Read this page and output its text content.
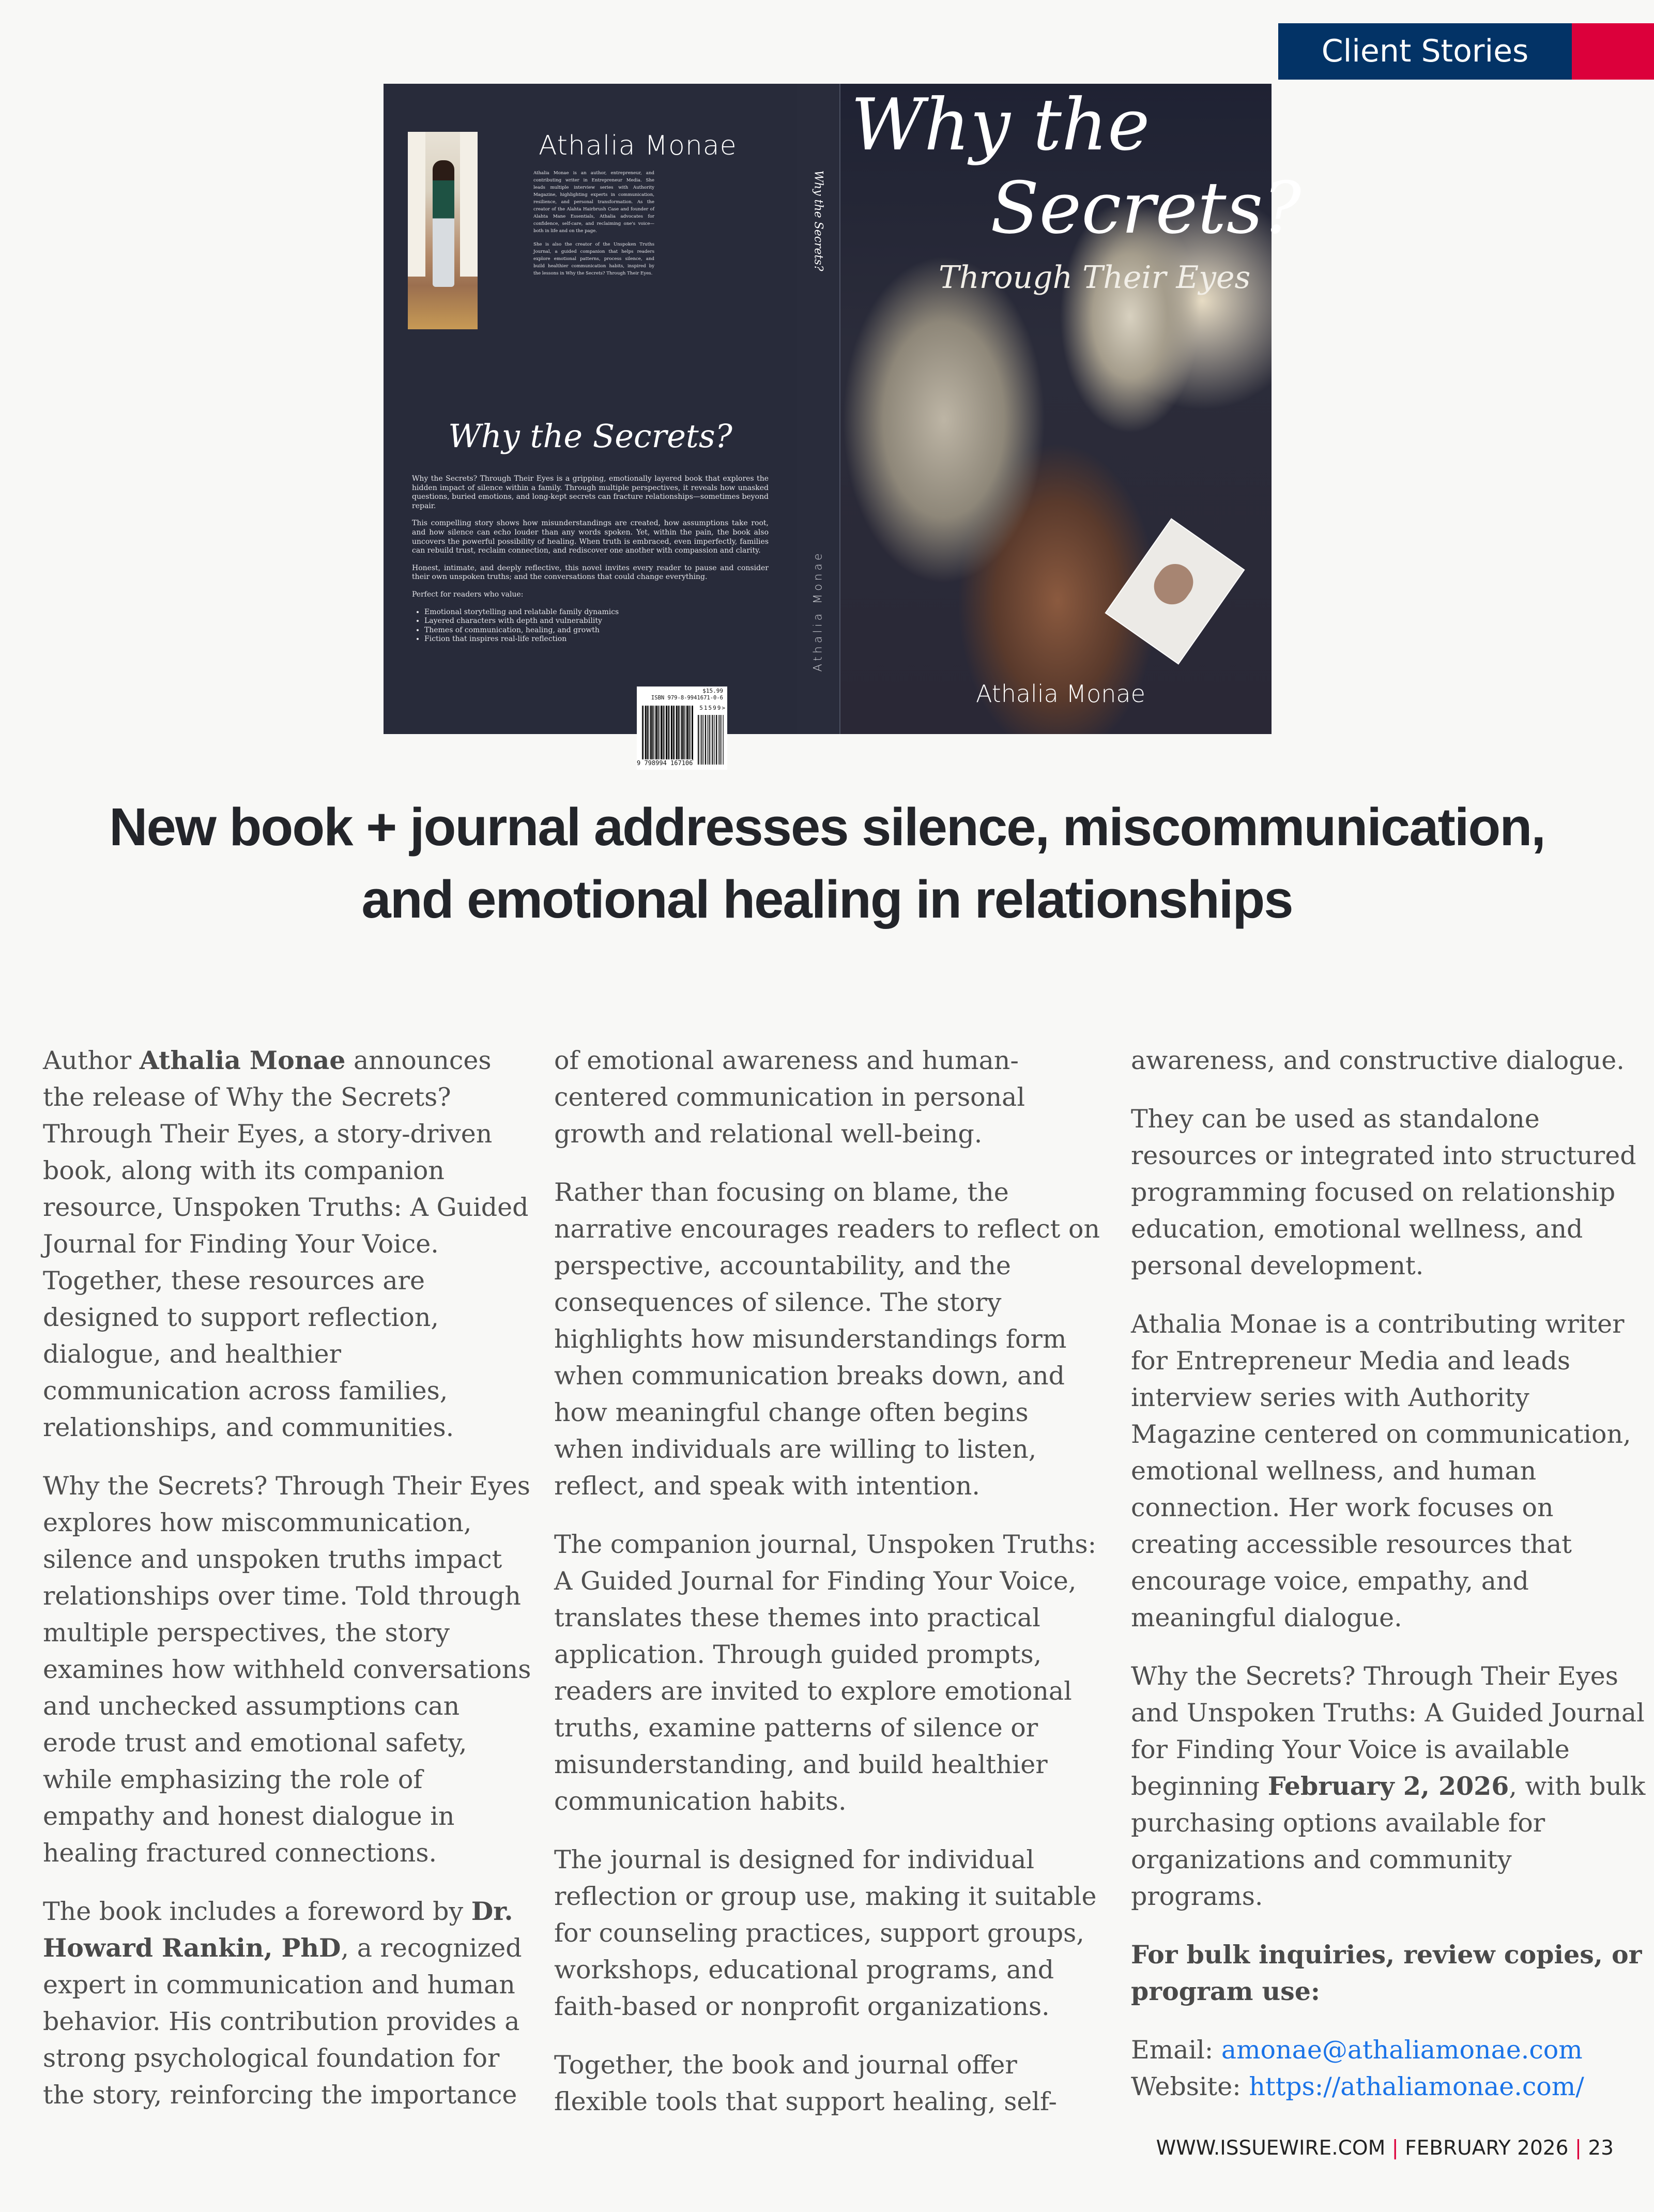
Client Stories
Athalia Monae

Athalia Monae is an author, entrepreneur, and contributing writer in Entrepreneur Media. She leads multiple interview series with Authority Magazine, highlighting experts in communication, resilience, and personal transformation. As the creator of the Alahta Hairbrush Case and founder of Alahta Mane Essentials, Athalia advocates for confidence, self-care, and reclaiming one's voice—both in life and on the page.

She is also the creator of the Unspoken Truths Journal, a guided companion that helps readers explore emotional patterns, process silence, and build healthier communication habits, inspired by the lessons in Why the Secrets? Through Their Eyes.

Why the Secrets?

Why the Secrets? Through Their Eyes is a gripping, emotionally layered book that explores the hidden impact of silence within a family. Through multiple perspectives, it reveals how unasked questions, buried emotions, and long-kept secrets can fracture relationships—sometimes beyond repair.

This compelling story shows how misunderstandings are created, how assumptions take root, and how silence can echo louder than any words spoken. Yet, within the pain, the book also uncovers the powerful possibility of healing. When truth is embraced, even imperfectly, families can rebuild trust, reclaim connection, and rediscover one another with compassion and clarity.

Honest, intimate, and deeply reflective, this novel invites every reader to pause and consider their own unspoken truths; and the conversations that could change everything.

Perfect for readers who value:

• Emotional storytelling and relatable family dynamics
• Layered characters with depth and vulnerability
• Themes of communication, healing, and growth
• Fiction that inspires real-life reflection
$15.99
ISBN 979-8-9941671-0-6
51599>
9 798994 167106
Why the Secrets?
Athalia Monae
Why the
Secrets?
Through Their Eyes
Athalia Monae
New book + journal addresses silence, miscommunication, and emotional healing in relationships

Author Athalia Monae announces the release of Why the Secrets? Through Their Eyes, a story-driven book, along with its companion resource, Unspoken Truths: A Guided Journal for Finding Your Voice. Together, these resources are designed to support reflection, dialogue, and healthier communication across families, relationships, and communities.

Why the Secrets? Through Their Eyes explores how miscommunication, silence and unspoken truths impact relationships over time. Told through multiple perspectives, the story examines how withheld conversations and unchecked assumptions can erode trust and emotional safety, while emphasizing the role of empathy and honest dialogue in healing fractured connections.

The book includes a foreword by Dr. Howard Rankin, PhD, a recognized expert in communication and human behavior. His contribution provides a strong psychological foundation for the story, reinforcing the importance

of emotional awareness and human-centered communication in personal growth and relational well-being.

Rather than focusing on blame, the narrative encourages readers to reflect on perspective, accountability, and the consequences of silence. The story highlights how misunderstandings form when communication breaks down, and how meaningful change often begins when individuals are willing to listen, reflect, and speak with intention.

The companion journal, Unspoken Truths: A Guided Journal for Finding Your Voice, translates these themes into practical application. Through guided prompts, readers are invited to explore emotional truths, examine patterns of silence or misunderstanding, and build healthier communication habits.

The journal is designed for individual reflection or group use, making it suitable for counseling practices, support groups, workshops, educational programs, and faith-based or nonprofit organizations.

Together, the book and journal offer flexible tools that support healing, self-

awareness, and constructive dialogue.

They can be used as standalone resources or integrated into structured programming focused on relationship education, emotional wellness, and personal development.

Athalia Monae is a contributing writer for Entrepreneur Media and leads interview series with Authority Magazine centered on communication, emotional wellness, and human connection. Her work focuses on creating accessible resources that encourage voice, empathy, and meaningful dialogue.

Why the Secrets? Through Their Eyes and Unspoken Truths: A Guided Journal for Finding Your Voice is available beginning February 2, 2026, with bulk purchasing options available for organizations and community programs.

For bulk inquiries, review copies, or program use:

Email: amonae@athaliamonae.com

Website: https://athaliamonae.com/

WWW.ISSUEWIRE.COM | FEBRUARY 2026 | 23
